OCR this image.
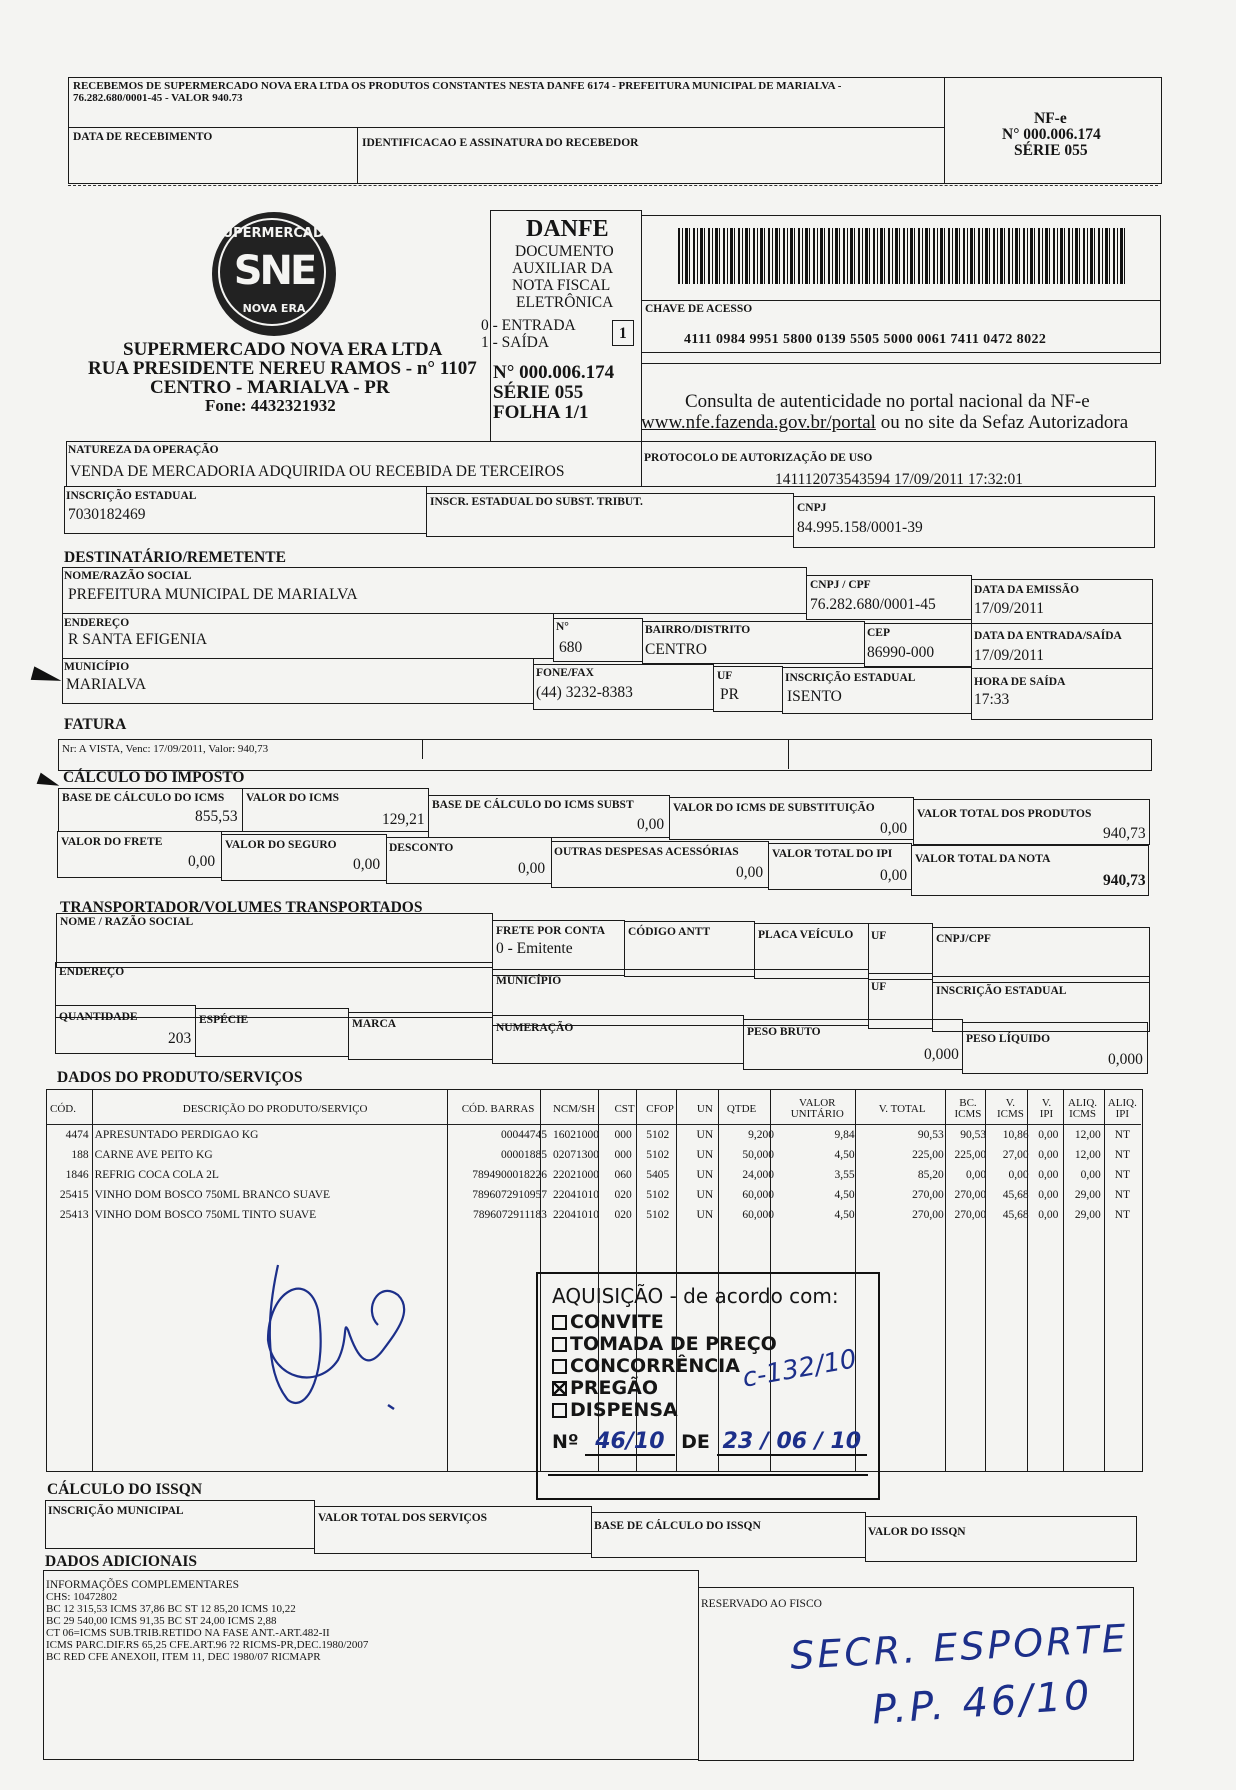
RECEBEMOS DE SUPERMERCADO NOVA ERA LTDA OS PRODUTOS CONSTANTES NESTA DANFE 6174 - PREFEITURA MUNICIPAL DE MARIALVA -
76.282.680/0001-45 - VALOR 940.73
DATA DE RECEBIMENTO	IDENTIFICACAO E ASSINATURA DO RECEBEDOR
NF-e
N° 000.006.174
SÉRIE 055
SUPERMERCADO
SNE
NOVA ERA
SUPERMERCADO NOVA ERA LTDA
RUA PRESIDENTE NEREU RAMOS - n° 1107
CENTRO - MARIALVA - PR
Fone: 4432321932
DANFE
DOCUMENTO
AUXILIAR DA
NOTA FISCAL
ELETRÔNICA
0 - ENTRADA
1 - SAÍDA
1
N° 000.006.174
SÉRIE 055
FOLHA 1/1
CHAVE DE ACESSO
4111 0984 9951 5800 0139 5505 5000 0061 7411 0472 8022
Consulta de autenticidade no portal nacional da NF-e
www.nfe.fazenda.gov.br/portal ou no site da Sefaz Autorizadora
NATUREZA DA OPERAÇÃO
VENDA DE MERCADORIA ADQUIRIDA OU RECEBIDA DE TERCEIROS
PROTOCOLO DE AUTORIZAÇÃO DE USO
141112073543594 17/09/2011 17:32:01
INSCRIÇÃO ESTADUAL
7030182469
INSCR. ESTADUAL DO SUBST. TRIBUT.	CNPJ
84.995.158/0001-39
DESTINATÁRIO/REMETENTE
NOME/RAZÃO SOCIAL
PREFEITURA MUNICIPAL DE MARIALVA
CNPJ / CPF
76.282.680/0001-45
DATA DA EMISSÃO
17/09/2011
ENDEREÇO
R SANTA EFIGENIA
N°
680
BAIRRO/DISTRITO
CENTRO
CEP
86990-000
DATA DA ENTRADA/SAÍDA
17/09/2011
MUNICÍPIO
MARIALVA
FONE/FAX
(44) 3232-8383
UF
PR
INSCRIÇÃO ESTADUAL
ISENTO
HORA DE SAÍDA
17:33
FATURA
Nr: A VISTA, Venc: 17/09/2011, Valor: 940,73
CÁLCULO DO IMPOSTO
BASE DE CÁLCULO DO ICMS
855,53
VALOR DO ICMS
129,21
BASE DE CÁLCULO DO ICMS SUBST
0,00
VALOR DO ICMS DE SUBSTITUIÇÃO
0,00
VALOR TOTAL DOS PRODUTOS
940,73
VALOR DO FRETE
0,00
VALOR DO SEGURO
0,00
DESCONTO
0,00
OUTRAS DESPESAS ACESSÓRIAS
0,00
VALOR TOTAL DO IPI
0,00
VALOR TOTAL DA NOTA
940,73
TRANSPORTADOR/VOLUMES TRANSPORTADOS
NOME / RAZÃO SOCIAL
FRETE POR CONTA
0 - Emitente
CÓDIGO ANTT	PLACA VEÍCULO UF	CNPJ/CPF
ENDEREÇO
MUNICÍPIO	UF	INSCRIÇÃO ESTADUAL
QUANTIDADE
203
ESPÉCIE	MARCA	NUMERAÇÃO	PESO BRUTO
0,000
PESO LÍQUIDO
0,000
DADOS DO PRODUTO/SERVIÇOS
CÓD.	DESCRIÇÃO DO PRODUTO/SERVIÇO	CÓD. BARRAS	NCM/SH	CST	CFOP	UN	QTDE	VALOR UNITÁRIO	V. TOTAL	BC. ICMS	V. ICMS	V. IPI	ALIQ. ICMS	ALIQ. IPI
4474	APRESUNTADO PERDIGAO KG	00044745	16021000	000	5102	UN	9,200	9,84	90,53	90,53	10,86	0,00	12,00	NT
188	CARNE AVE PEITO KG	00001885	02071300	000	5102	UN	50,000	4,50	225,00	225,00	27,00	0,00	12,00	NT
1846	REFRIG COCA COLA 2L	7894900018226	22021000	060	5405	UN	24,000	3,55	85,20	0,00	0,00	0,00	0,00	NT
25415	VINHO DOM BOSCO 750ML BRANCO SUAVE	7896072910957	22041010	020	5102	UN	60,000	4,50	270,00	270,00	45,68	0,00	29,00	NT
25413	VINHO DOM BOSCO 750ML TINTO SUAVE	7896072911183	22041010	020	5102	UN	60,000	4,50	270,00	270,00	45,68	0,00	29,00	NT
AQUISIÇÃO - de acordo com:
CONVITE
TOMADA DE PREÇO
CONCORRÊNCIA
PREGÃO
DISPENSA
Nº 46/10 DE 23 / 06 / 10
c-132/10
CÁLCULO DO ISSQN
INSCRIÇÃO MUNICIPAL
VALOR TOTAL DOS SERVIÇOS
BASE DE CÁLCULO DO ISSQN	VALOR DO ISSQN
DADOS ADICIONAIS
INFORMAÇÕES COMPLEMENTARES
CHS: 10472802
BC 12 315,53 ICMS 37,86 BC ST 12 85,20 ICMS 10,22
BC 29 540,00 ICMS 91,35 BC ST 24,00 ICMS 2,88
CT 06=ICMS SUB.TRIB.RETIDO NA FASE ANT.-ART.482-II
ICMS PARC.DIF.RS 65,25 CFE.ART.96 ?2 RICMS-PR,DEC.1980/2007
BC RED CFE ANEXOII, ITEM 11, DEC 1980/07 RICMAPR
RESERVADO AO FISCO
SECR. ESPORTE
P.P. 46/10
